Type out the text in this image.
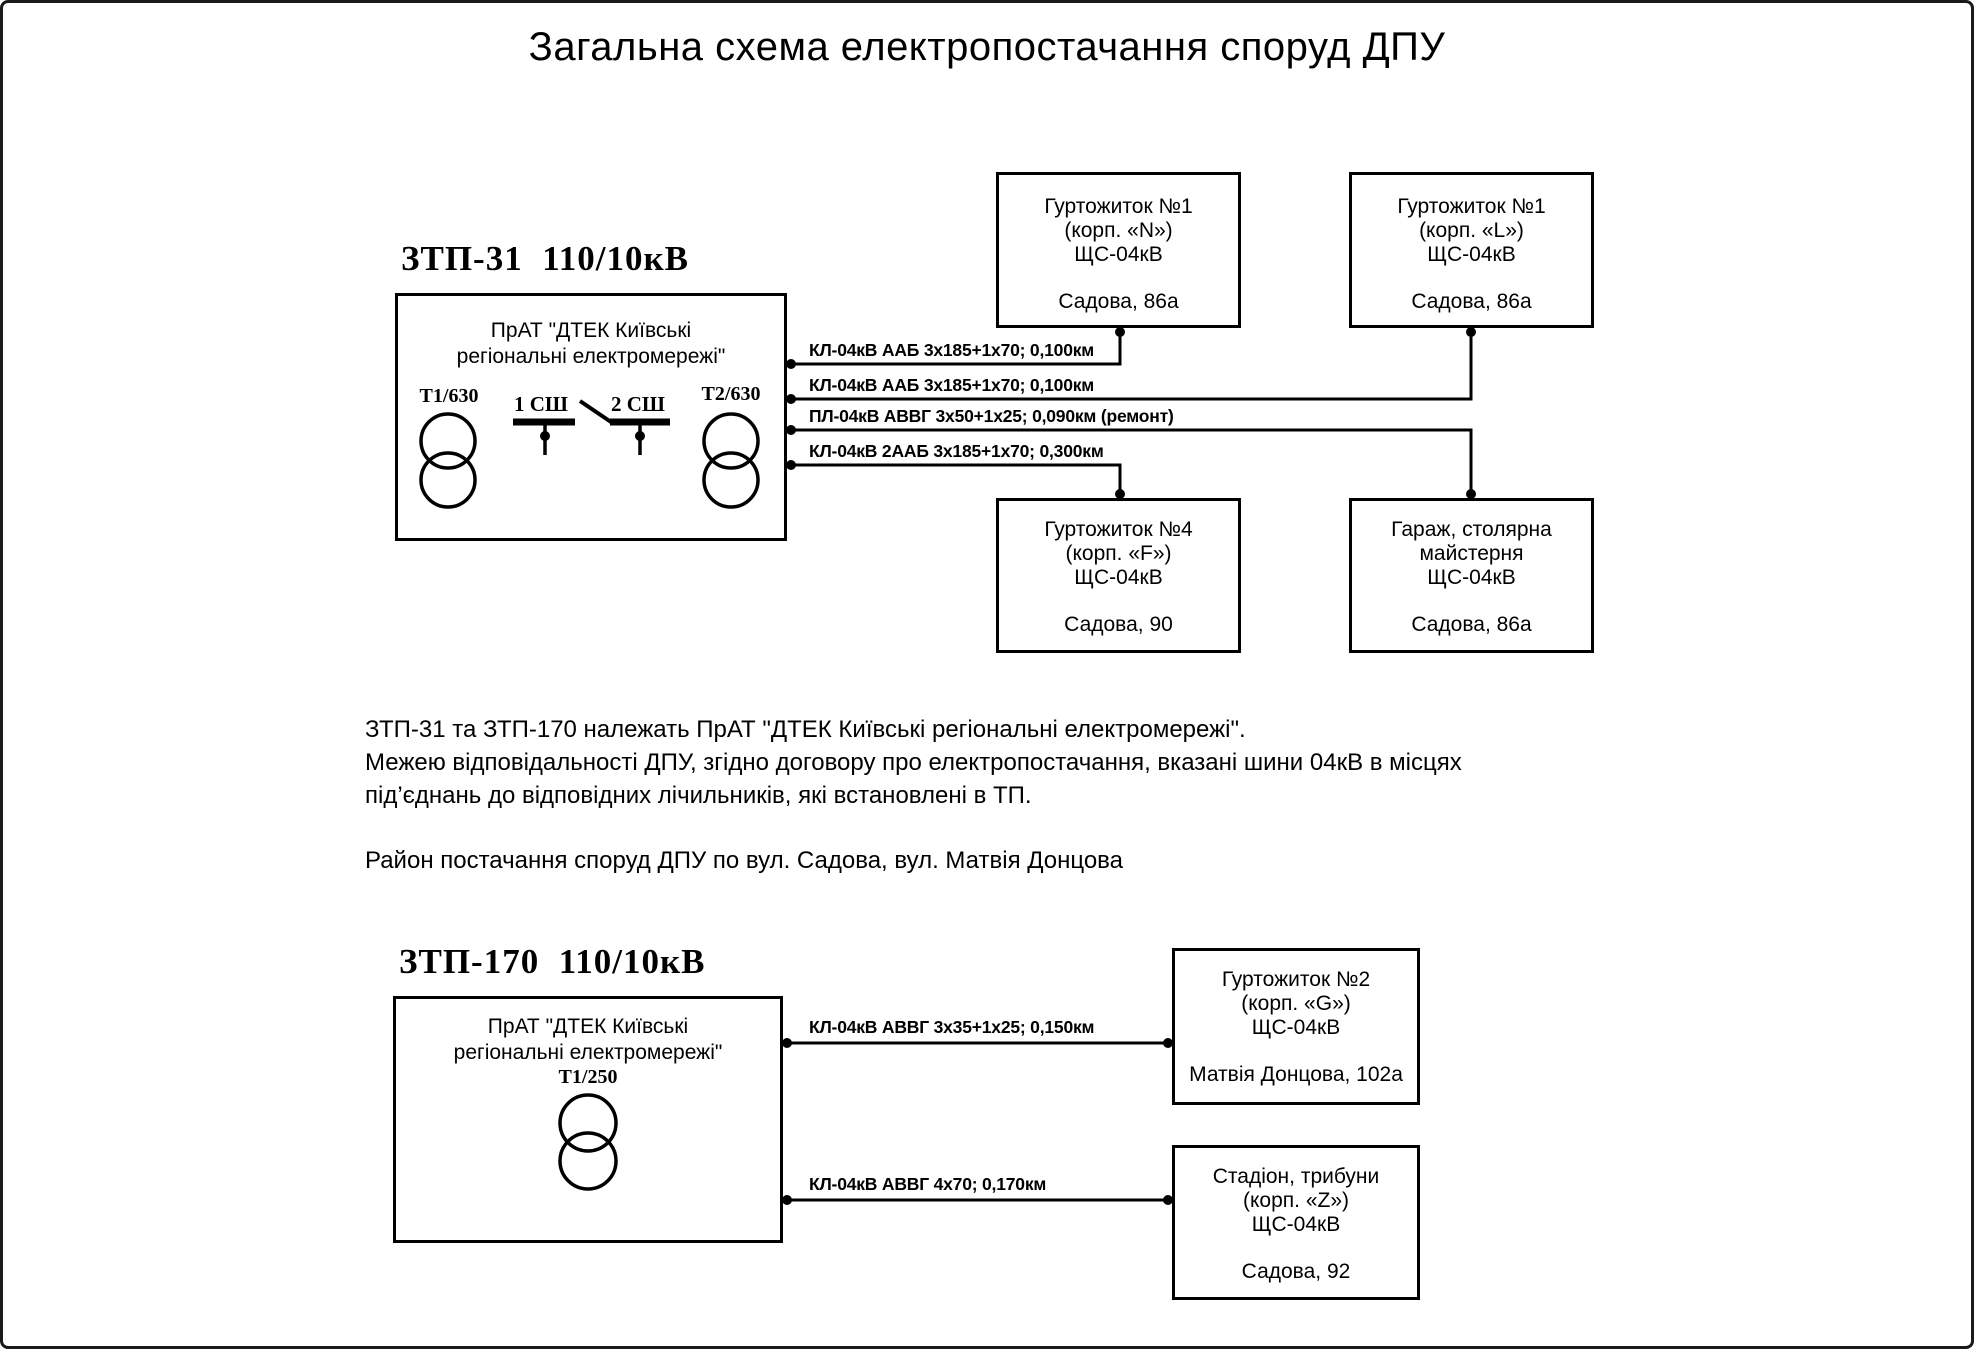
Загальна схема електропостачання споруд ДПУ
ЗТП-31  110/10кВ
ПрАТ "ДТЕК Київські
регіональні електромережі"
Т1/630	Т2/630
1 СШ	2 СШ
КЛ-04кВ ААБ 3х185+1х70; 0,100км
КЛ-04кВ ААБ 3х185+1х70; 0,100км
ПЛ-04кВ АВВГ 3х50+1х25; 0,090км (ремонт)
КЛ-04кВ 2ААБ 3х185+1х70; 0,300км
Гуртожиток №1
(корп. «N»)
ЩС-04кВ
Садова, 86а
Гуртожиток №1
(корп. «L»)
ЩС-04кВ
Садова, 86а
Гуртожиток №4
(корп. «F»)
ЩС-04кВ
Садова, 90
Гараж, столярна
майстерня
ЩС-04кВ
Садова, 86а
ЗТП-31 та ЗТП-170 належать ПрАТ "ДТЕК Київські регіональні електромережі".
Межею відповідальності ДПУ, згідно договору про електропостачання, вказані шини 04кВ в місцях
під’єднань до відповідних лічильників, які встановлені в ТП.
Район постачання споруд ДПУ по вул. Садова, вул. Матвія Донцова
ЗТП-170  110/10кВ
ПрАТ "ДТЕК Київські
регіональні електромережі"
Т1/250
КЛ-04кВ АВВГ 3х35+1х25; 0,150км
КЛ-04кВ АВВГ 4х70; 0,170км
Гуртожиток №2
(корп. «G»)
ЩС-04кВ
Матвія Донцова, 102а
Стадіон, трибуни
(корп. «Z»)
ЩС-04кВ
Садова, 92
